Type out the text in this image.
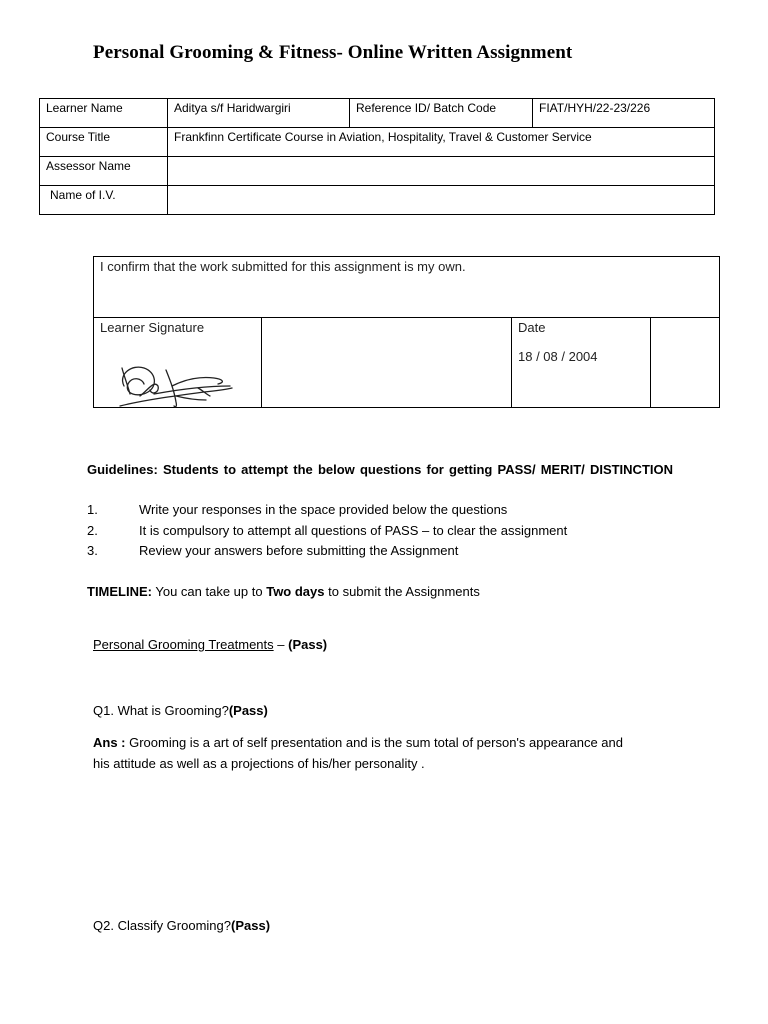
Personal Grooming & Fitness- Online Written Assignment
Learner Name	Aditya s/f Haridwargiri	Reference ID/ Batch Code	FIAT/HYH/22-23/226
Course Title	Frankfinn Certificate Course in Aviation, Hospitality, Travel & Customer Service		
Assessor Name			
Name of I.V.			
I confirm that the work submitted for this assignment is my own.
Learner Signature		Date
18 / 08 / 2004

Guidelines: Students to attempt the below questions for getting PASS/ MERIT/ DISTINCTION
1.	Write your responses in the space provided below the questions
2.	It is compulsory to attempt all questions of PASS – to clear the assignment
3.	Review your answers before submitting the Assignment
TIMELINE: You can take up to Two days to submit the Assignments
Personal Grooming Treatments – (Pass)
Q1. What is Grooming?(Pass)
Ans : Grooming is a art of self presentation and is the sum total of person's appearance and
his attitude as well as a projections of his/her personality .
Q2. Classify Grooming?(Pass)
